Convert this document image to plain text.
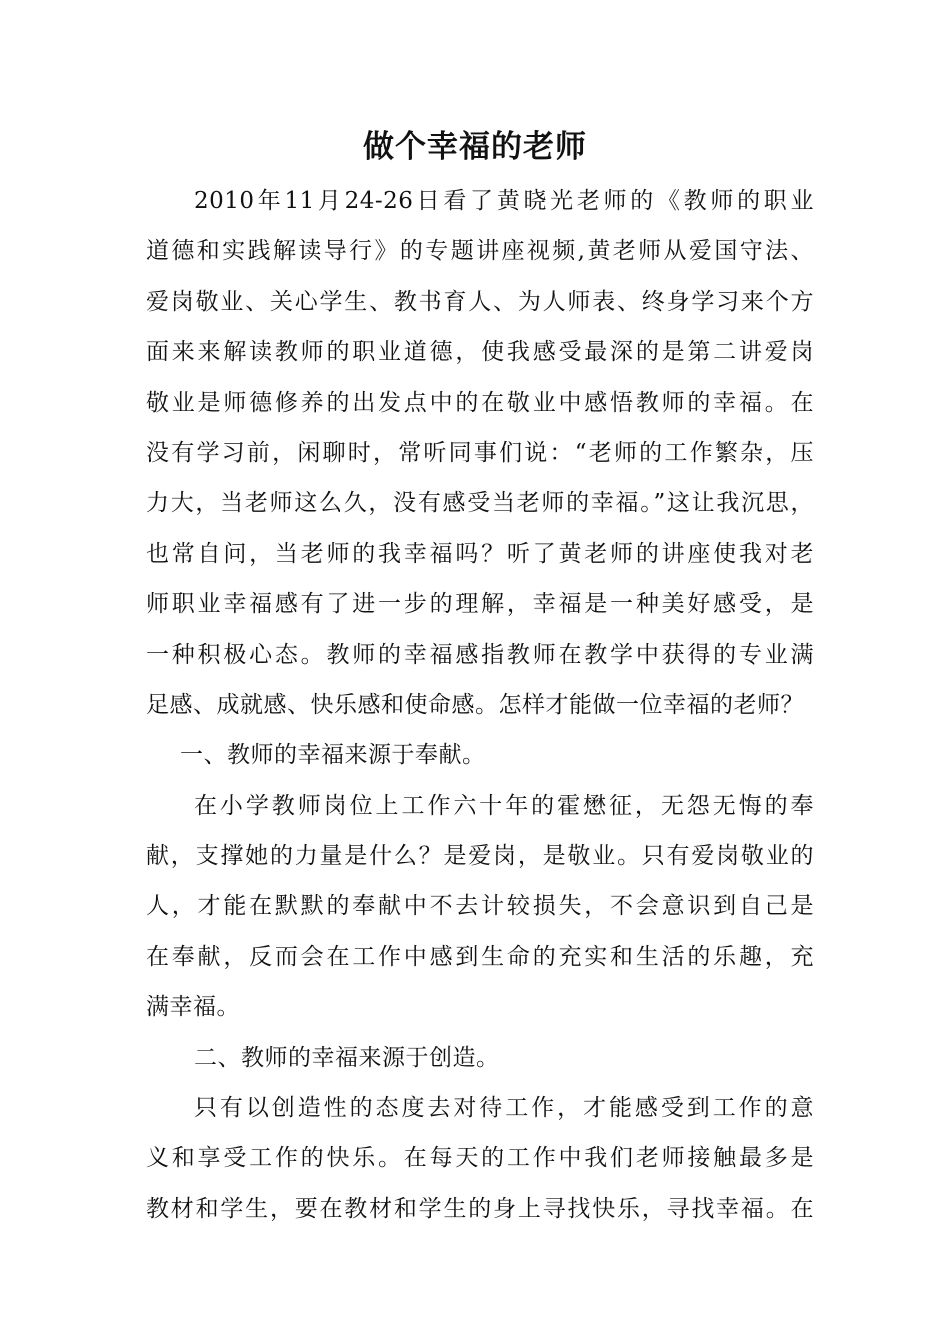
做个幸福的老师
2010年11月24-26日看了黄晓光老师的《教师的职业
道德和实践解读导行》的专题讲座视频,黄老师从爱国守法、
爱岗敬业、关心学生、教书育人、为人师表、终身学习来个方
面来来解读教师的职业道德，使我感受最深的是第二讲爱岗
敬业是师德修养的出发点中的在敬业中感悟教师的幸福。在
没有学习前，闲聊时，常听同事们说：“老师的工作繁杂，压
力大，当老师这么久，没有感受当老师的幸福。”这让我沉思，
也常自问，当老师的我幸福吗？听了黄老师的讲座使我对老
师职业幸福感有了进一步的理解，幸福是一种美好感受，是
一种积极心态。教师的幸福感指教师在教学中获得的专业满
足感、成就感、快乐感和使命感。怎样才能做一位幸福的老师？
一、教师的幸福来源于奉献。
在小学教师岗位上工作六十年的霍懋征，无怨无悔的奉
献，支撑她的力量是什么？是爱岗，是敬业。只有爱岗敬业的
人，才能在默默的奉献中不去计较损失，不会意识到自己是
在奉献，反而会在工作中感到生命的充实和生活的乐趣，充
满幸福。
二、教师的幸福来源于创造。
只有以创造性的态度去对待工作，才能感受到工作的意
义和享受工作的快乐。在每天的工作中我们老师接触最多是
教材和学生，要在教材和学生的身上寻找快乐，寻找幸福。在
